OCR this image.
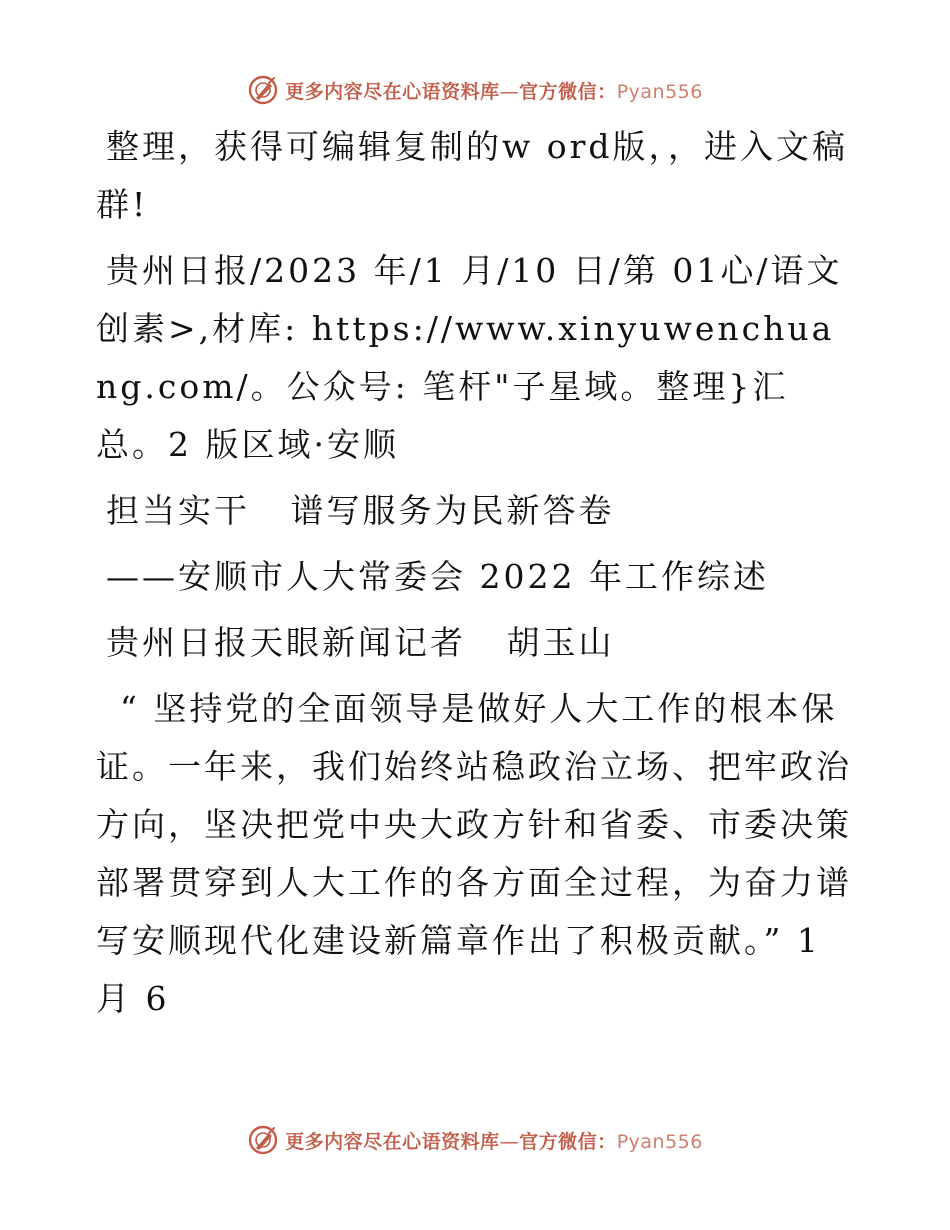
更多内容尽在心语资料库—官方微信：Pyan556

整理，获得可编辑复制的w ord版，，进入文稿群!

贵州日报/2023 年/1 月/10 日/第 01心/语文创素>,材库: https://www.xinyuwenchuang.com/。公众号: 笔杆"子星域。整理}汇总。2 版区域·安顺

担当实干   谱写服务为民新答卷

——安顺市人大常委会 2022 年工作综述

贵州日报天眼新闻记者   胡玉山

“ 坚持党的全面领导是做好人大工作的根本保证。一年来，我们始终站稳政治立场、把牢政治方向，坚决把党中央大政方针和省委、市委决策部署贯穿到人大工作的各方面全过程，为奋力谱写安顺现代化建设新篇章作出了积极贡献。” 1 月 6

更多内容尽在心语资料库—官方微信：Pyan556
